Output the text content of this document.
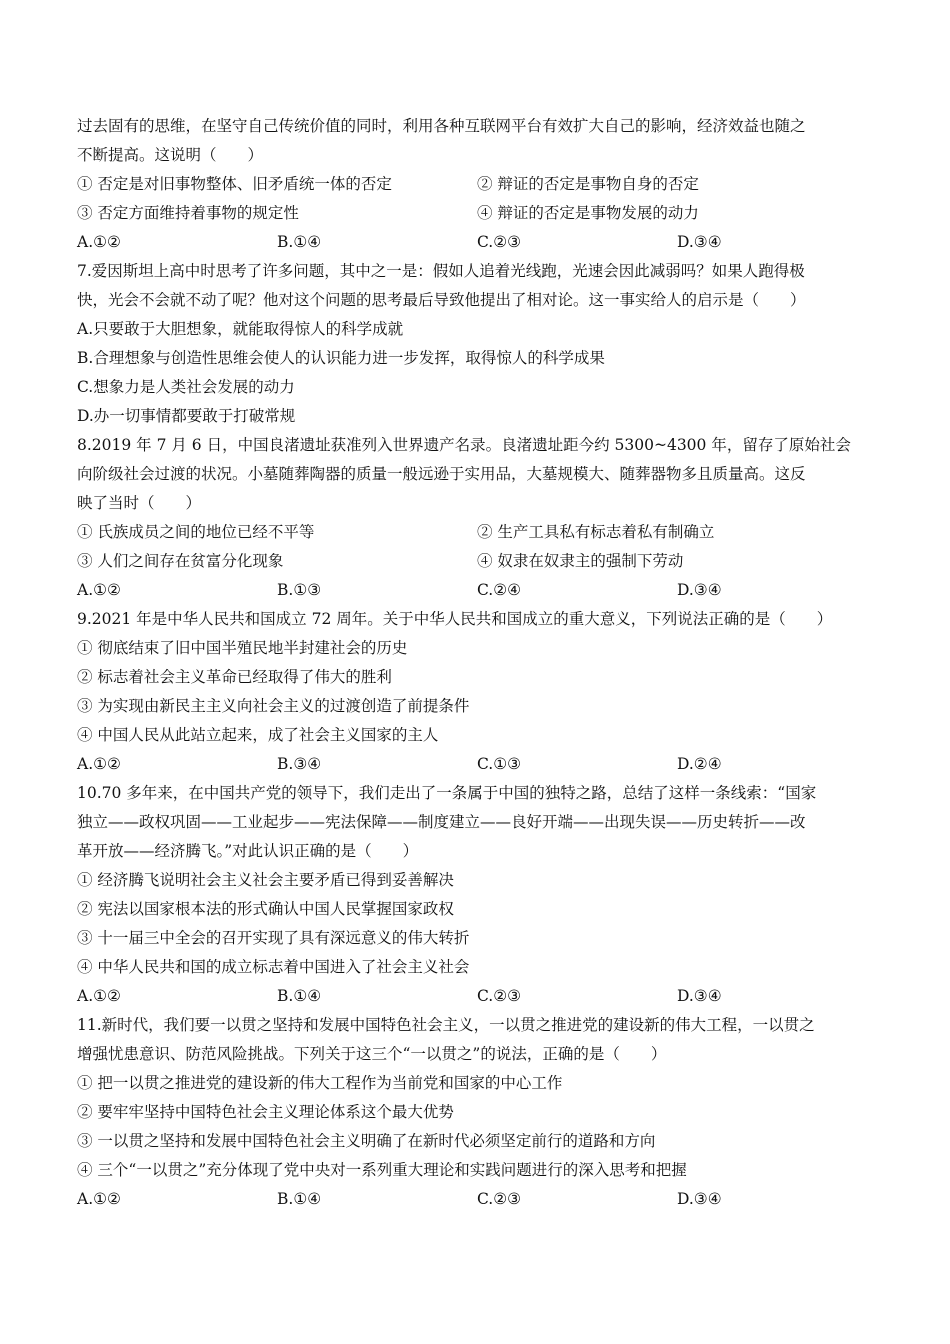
过去固有的思维，在坚守自己传统价值的同时，利用各种互联网平台有效扩大自己的影响，经济效益也随之
不断提高。这说明（　　）
① 否定是对旧事物整体、旧矛盾统一体的否定	② 辩证的否定是事物自身的否定
③ 否定方面维持着事物的规定性	④ 辩证的否定是事物发展的动力
A.①②	B.①④	C.②③	D.③④
7.爱因斯坦上高中时思考了许多问题，其中之一是：假如人追着光线跑，光速会因此减弱吗？如果人跑得极
快，光会不会就不动了呢？他对这个问题的思考最后导致他提出了相对论。这一事实给人的启示是（　　）
A.只要敢于大胆想象，就能取得惊人的科学成就
B.合理想象与创造性思维会使人的认识能力进一步发挥，取得惊人的科学成果
C.想象力是人类社会发展的动力
D.办一切事情都要敢于打破常规
8.2019 年 7 月 6 日，中国良渚遗址获准列入世界遗产名录。良渚遗址距今约 5300~4300 年，留存了原始社会
向阶级社会过渡的状况。小墓随葬陶器的质量一般远逊于实用品，大墓规模大、随葬器物多且质量高。这反
映了当时（　　）
① 氏族成员之间的地位已经不平等	② 生产工具私有标志着私有制确立
③ 人们之间存在贫富分化现象	④ 奴隶在奴隶主的强制下劳动
A.①②	B.①③	C.②④	D.③④
9.2021 年是中华人民共和国成立 72 周年。关于中华人民共和国成立的重大意义，下列说法正确的是（　　）
① 彻底结束了旧中国半殖民地半封建社会的历史
② 标志着社会主义革命已经取得了伟大的胜利
③ 为实现由新民主主义向社会主义的过渡创造了前提条件
④ 中国人民从此站立起来，成了社会主义国家的主人
A.①②	B.③④	C.①③	D.②④
10.70 多年来，在中国共产党的领导下，我们走出了一条属于中国的独特之路，总结了这样一条线索：“国家
独立——政权巩固——工业起步——宪法保障——制度建立——良好开端——出现失误——历史转折——改
革开放——经济腾飞。”对此认识正确的是（　　）
① 经济腾飞说明社会主义社会主要矛盾已得到妥善解决
② 宪法以国家根本法的形式确认中国人民掌握国家政权
③ 十一届三中全会的召开实现了具有深远意义的伟大转折
④ 中华人民共和国的成立标志着中国进入了社会主义社会
A.①②	B.①④	C.②③	D.③④
11.新时代，我们要一以贯之坚持和发展中国特色社会主义，一以贯之推进党的建设新的伟大工程，一以贯之
增强忧患意识、防范风险挑战。下列关于这三个“一以贯之”的说法，正确的是（　　）
① 把一以贯之推进党的建设新的伟大工程作为当前党和国家的中心工作
② 要牢牢坚持中国特色社会主义理论体系这个最大优势
③ 一以贯之坚持和发展中国特色社会主义明确了在新时代必须坚定前行的道路和方向
④ 三个“一以贯之”充分体现了党中央对一系列重大理论和实践问题进行的深入思考和把握
A.①②	B.①④	C.②③	D.③④
